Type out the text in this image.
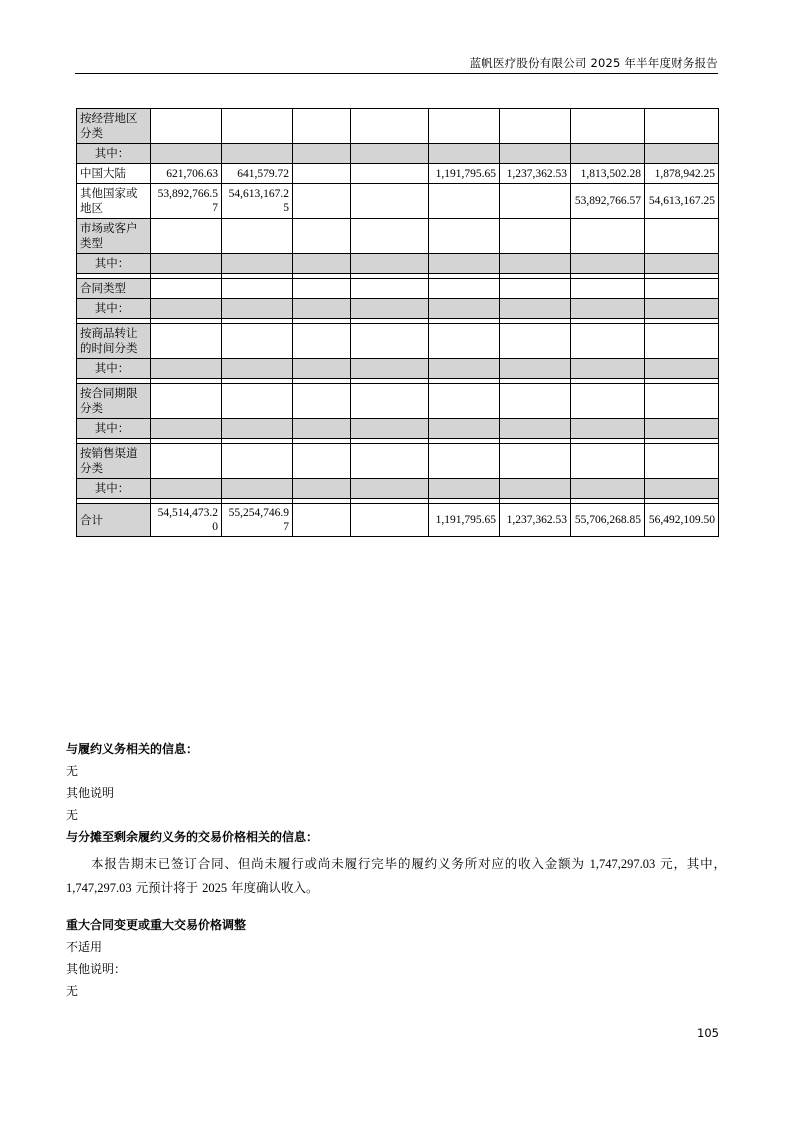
蓝帆医疗股份有限公司 2025 年半年度财务报告
按经营地区分类								
其中：								
中国大陆	621,706.63	641,579.72			1,191,795.65	1,237,362.53	1,813,502.28	1,878,942.25
其他国家或地区	53,892,766.57	54,613,167.25					53,892,766.57	54,613,167.25
市场或客户类型								
其中：								

合同类型								
其中：								

按商品转让的时间分类								
其中：								

按合同期限分类								
其中：								

按销售渠道分类								
其中：								

合计	54,514,473.20	55,254,746.97			1,191,795.65	1,237,362.53	55,706,268.85	56,492,109.50

与履约义务相关的信息：

无

其他说明

无

与分摊至剩余履约义务的交易价格相关的信息：

本报告期末已签订合同、但尚未履行或尚未履行完毕的履约义务所对应的收入金额为 1,747,297.03 元，其中，1,747,297.03 元预计将于 2025 年度确认收入。

重大合同变更或重大交易价格调整

不适用

其他说明：

无

105
